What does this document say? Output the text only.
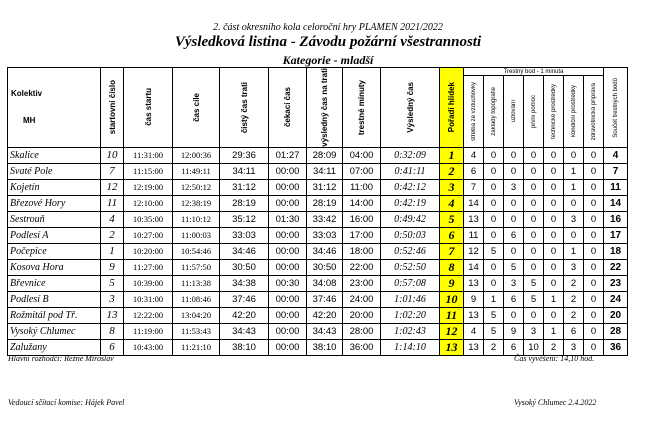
2. část okresního kola celoroční hry PLAMEN 2021/2022
Výsledková listina - Závodu požární všestrannosti
Kategorie - mladší
Kolektiv

MH	startovní číslo	čas startu	čas cíle	čistý čas trati	čekací čas	výsledný čas na trati	trestné minuty	Výsledný čas	Pořadí hlídek	Trestný bod - 1 minuta							Součet trestných bodů

										střelba ze vzduchovky	základy topografie	uzlování	první pomoc	technické prostředky	kondiční prostředky	zdravotnická příprava	

Skalice	10	11:31:00	12:00:36	29:36	01:27	28:09	04:00	0:32:09	1	4	0	0	0	0	0	0	4
Svaté Pole	7	11:15:00	11:49:11	34:11	00:00	34:11	07:00	0:41:11	2	6	0	0	0	0	1	0	7
Kojetín	12	12:19:00	12:50:12	31:12	00:00	31:12	11:00	0:42:12	3	7	0	3	0	0	1	0	11
Březové Hory	11	12:10:00	12:38:19	28:19	00:00	28:19	14:00	0:42:19	4	14	0	0	0	0	0	0	14
Sestrouň	4	10:35:00	11:10:12	35:12	01:30	33:42	16:00	0:49:42	5	13	0	0	0	0	3	0	16
Podlesí A	2	10:27:00	11:00:03	33:03	00:00	33:03	17:00	0:50:03	6	11	0	6	0	0	0	0	17
Počepice	1	10:20:00	10:54:46	34:46	00:00	34:46	18:00	0:52:46	7	12	5	0	0	0	1	0	18
Kosova Hora	9	11:27:00	11:57:50	30:50	00:00	30:50	22:00	0:52:50	8	14	0	5	0	0	3	0	22
Břevnice	5	10:39:00	11:13:38	34:38	00:30	34:08	23:00	0:57:08	9	13	0	3	5	0	2	0	23
Podlesí B	3	10:31:00	11:08:46	37:46	00:00	37:46	24:00	1:01:46	10	9	1	6	5	1	2	0	24
Rožmitál pod Tř.	13	12:22:00	13:04:20	42:20	00:00	42:20	20:00	1:02:20	11	13	5	0	0	0	2	0	20
Vysoký Chlumec	8	11:19:00	11:53:43	34:43	00:00	34:43	28:00	1:02:43	12	4	5	9	3	1	6	0	28
Zalužany	6	10:43:00	11:21:10	38:10	00:00	38:10	36:00	1:14:10	13	13	2	6	10	2	3	0	36
Hlavní rozhodčí: Režné Miroslav	Čas vyvěšení: 14,10 hod.
Vedoucí sčítací komise: Hájek Pavel	Vysoký Chlumec 2.4.2022
